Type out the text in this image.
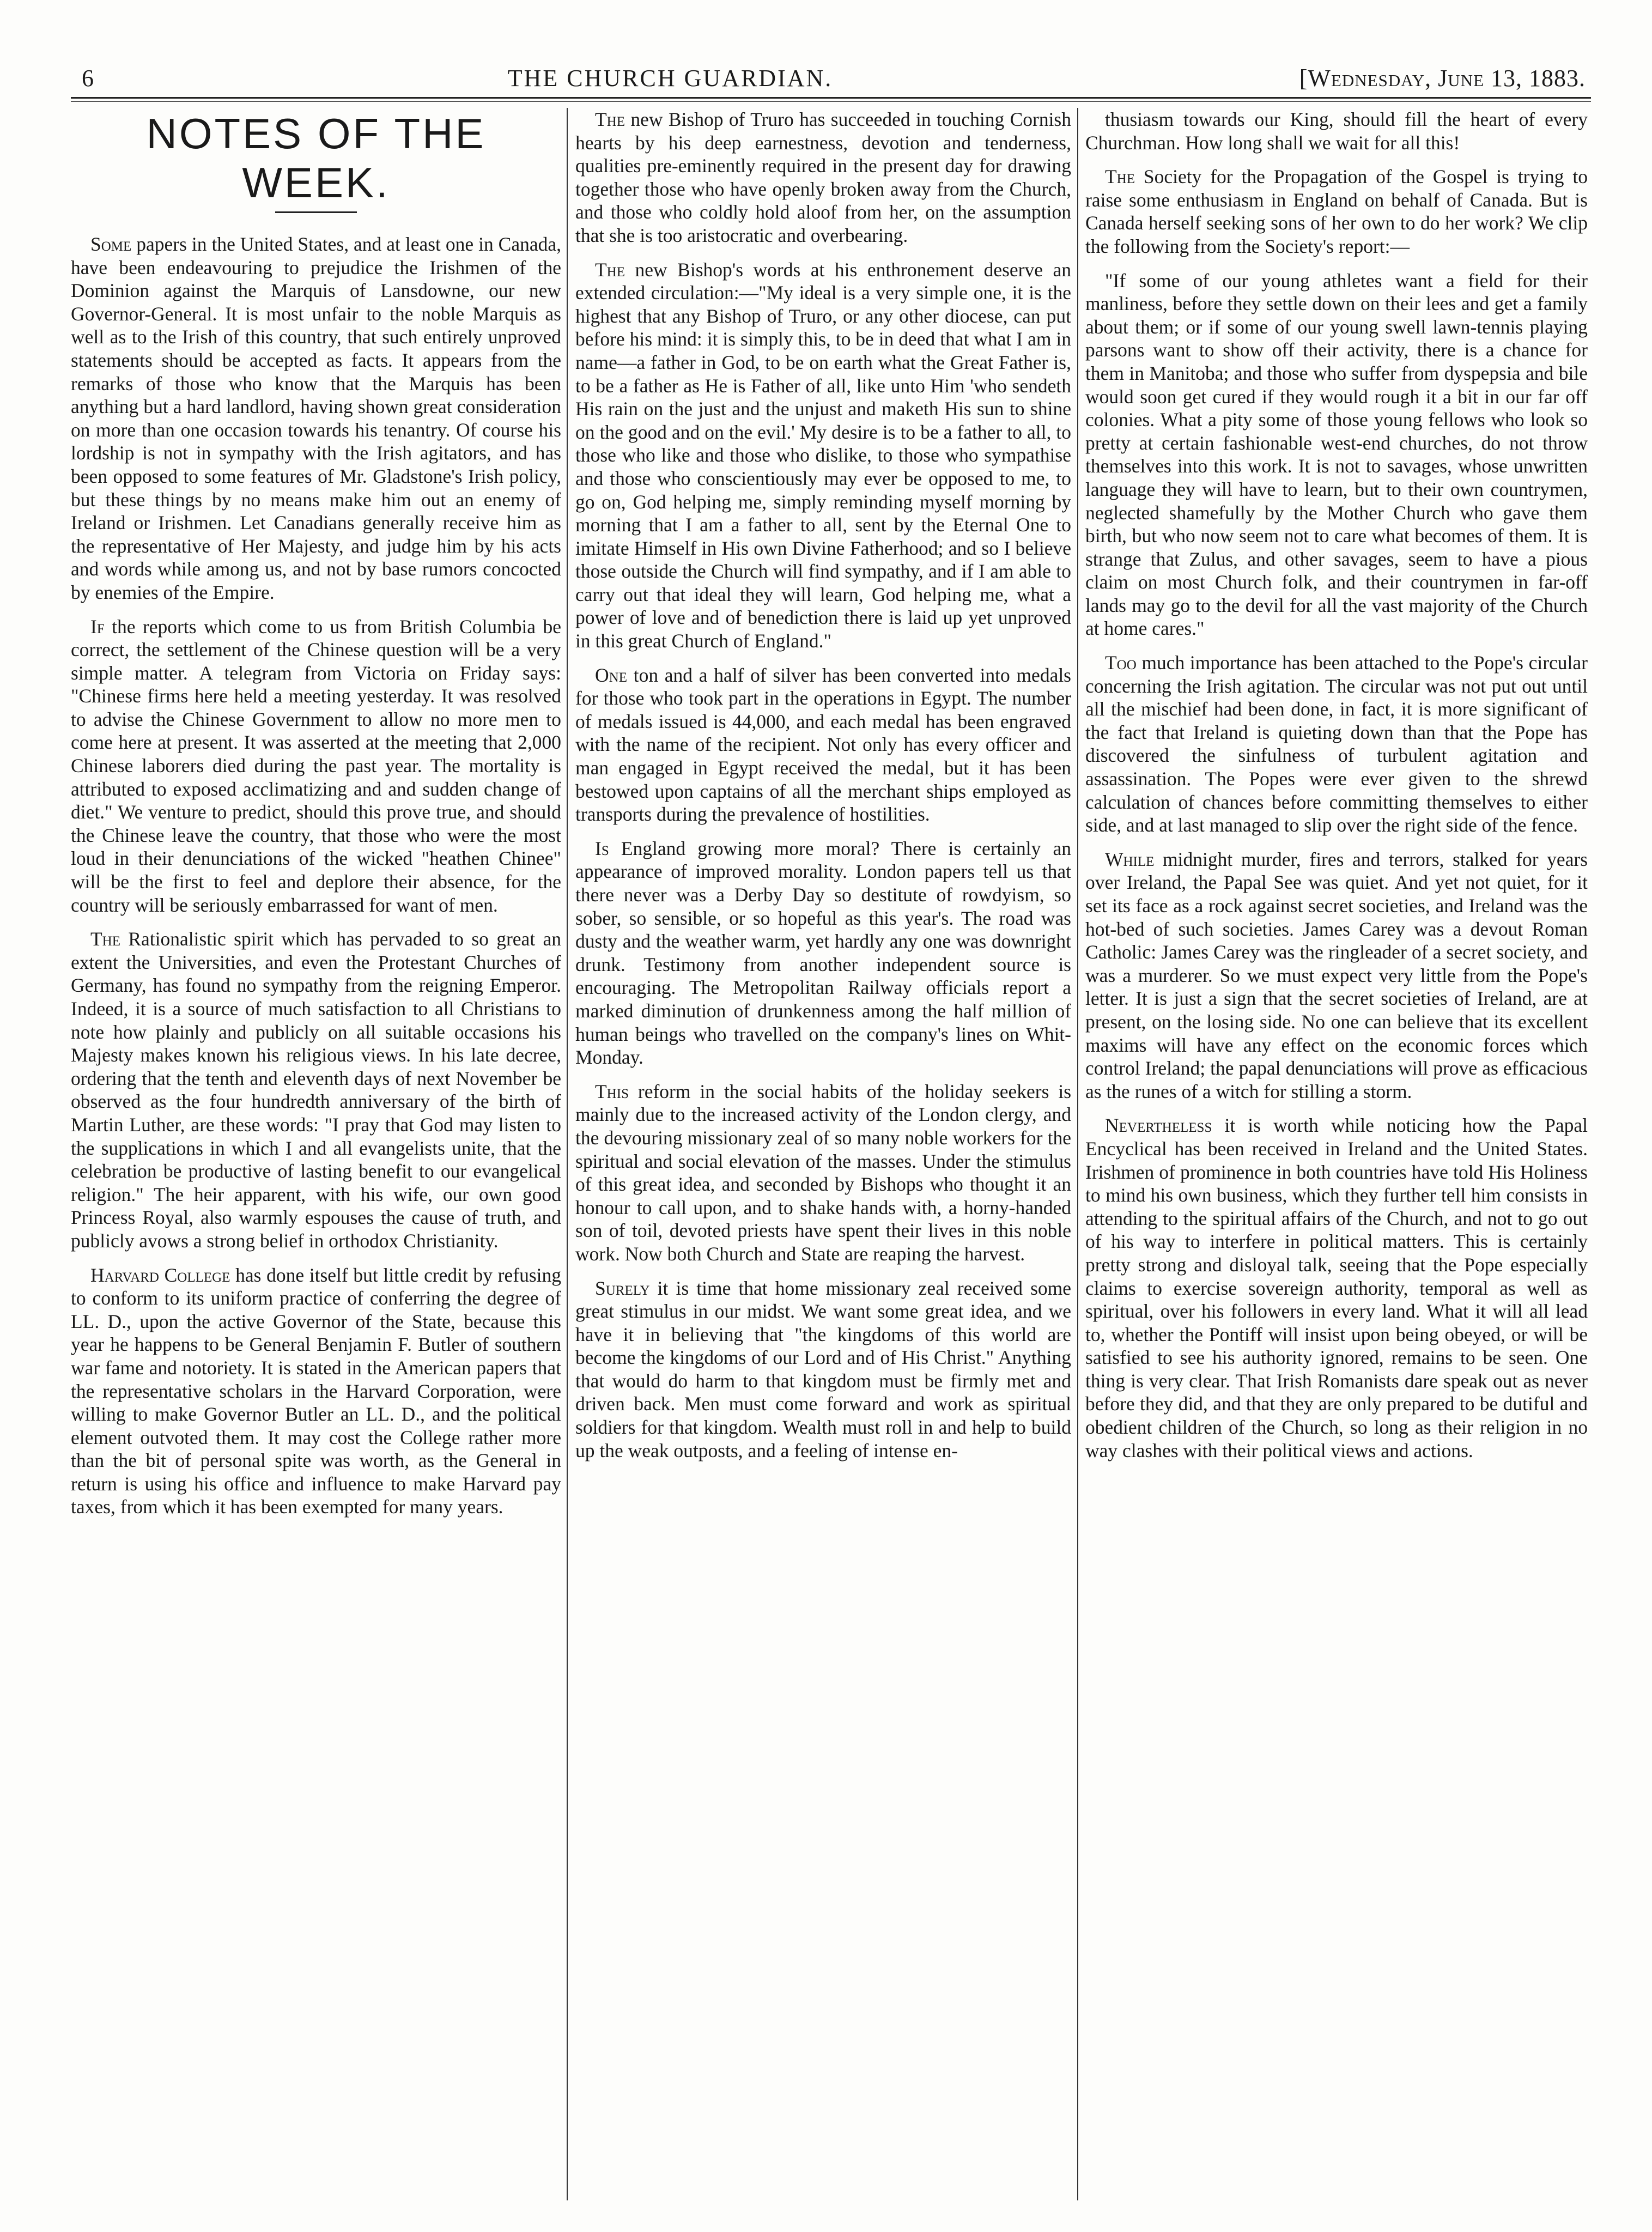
6	THE CHURCH GUARDIAN.	[Wednesday, June 13, 1883.
NOTES OF THE WEEK.

Some papers in the United States, and at least one in Canada, have been endeavouring to prejudice the Irishmen of the Dominion against the Marquis of Lansdowne, our new Governor-General. It is most unfair to the noble Marquis as well as to the Irish of this country, that such entirely unproved statements should be accepted as facts. It appears from the remarks of those who know that the Marquis has been anything but a hard landlord, having shown great consideration on more than one occasion towards his tenantry. Of course his lordship is not in sympathy with the Irish agitators, and has been opposed to some features of Mr. Gladstone's Irish policy, but these things by no means make him out an enemy of Ireland or Irishmen. Let Canadians generally receive him as the representative of Her Majesty, and judge him by his acts and words while among us, and not by base rumors concocted by enemies of the Empire.

If the reports which come to us from British Columbia be correct, the settlement of the Chinese question will be a very simple matter. A telegram from Victoria on Friday says: "Chinese firms here held a meeting yesterday. It was resolved to advise the Chinese Government to allow no more men to come here at present. It was asserted at the meeting that 2,000 Chinese laborers died during the past year. The mortality is attributed to exposed acclimatizing and and sudden change of diet." We venture to predict, should this prove true, and should the Chinese leave the country, that those who were the most loud in their denunciations of the wicked "heathen Chinee" will be the first to feel and deplore their absence, for the country will be seriously embarrassed for want of men.

The Rationalistic spirit which has pervaded to so great an extent the Universities, and even the Protestant Churches of Germany, has found no sympathy from the reigning Emperor. Indeed, it is a source of much satisfaction to all Christians to note how plainly and publicly on all suitable occasions his Majesty makes known his religious views. In his late decree, ordering that the tenth and eleventh days of next November be observed as the four hundredth anniversary of the birth of Martin Luther, are these words: "I pray that God may listen to the supplications in which I and all evangelists unite, that the celebration be productive of lasting benefit to our evangelical religion." The heir apparent, with his wife, our own good Princess Royal, also warmly espouses the cause of truth, and publicly avows a strong belief in orthodox Christianity.

Harvard College has done itself but little credit by refusing to conform to its uniform practice of conferring the degree of LL. D., upon the active Governor of the State, because this year he happens to be General Benjamin F. Butler of southern war fame and notoriety. It is stated in the American papers that the representative scholars in the Harvard Corporation, were willing to make Governor Butler an LL. D., and the political element outvoted them. It may cost the College rather more than the bit of personal spite was worth, as the General in return is using his office and influence to make Harvard pay taxes, from which it has been exempted for many years.

The new Bishop of Truro has succeeded in touching Cornish hearts by his deep earnestness, devotion and tenderness, qualities pre-eminently required in the present day for drawing together those who have openly broken away from the Church, and those who coldly hold aloof from her, on the assumption that she is too aristocratic and overbearing.

The new Bishop's words at his enthronement deserve an extended circulation:—"My ideal is a very simple one, it is the highest that any Bishop of Truro, or any other diocese, can put before his mind: it is simply this, to be in deed that what I am in name—a father in God, to be on earth what the Great Father is, to be a father as He is Father of all, like unto Him 'who sendeth His rain on the just and the unjust and maketh His sun to shine on the good and on the evil.' My desire is to be a father to all, to those who like and those who dislike, to those who sympathise and those who conscientiously may ever be opposed to me, to go on, God helping me, simply reminding myself morning by morning that I am a father to all, sent by the Eternal One to imitate Himself in His own Divine Fatherhood; and so I believe those outside the Church will find sympathy, and if I am able to carry out that ideal they will learn, God helping me, what a power of love and of benediction there is laid up yet unproved in this great Church of England."

One ton and a half of silver has been converted into medals for those who took part in the operations in Egypt. The number of medals issued is 44,000, and each medal has been engraved with the name of the recipient. Not only has every officer and man engaged in Egypt received the medal, but it has been bestowed upon captains of all the merchant ships employed as transports during the prevalence of hostilities.

Is England growing more moral? There is certainly an appearance of improved morality. London papers tell us that there never was a Derby Day so destitute of rowdyism, so sober, so sensible, or so hopeful as this year's. The road was dusty and the weather warm, yet hardly any one was downright drunk. Testimony from another independent source is encouraging. The Metropolitan Railway officials report a marked diminution of drunkenness among the half million of human beings who travelled on the company's lines on Whit-Monday.

This reform in the social habits of the holiday seekers is mainly due to the increased activity of the London clergy, and the devouring missionary zeal of so many noble workers for the spiritual and social elevation of the masses. Under the stimulus of this great idea, and seconded by Bishops who thought it an honour to call upon, and to shake hands with, a horny-handed son of toil, devoted priests have spent their lives in this noble work. Now both Church and State are reaping the harvest.

Surely it is time that home missionary zeal received some great stimulus in our midst. We want some great idea, and we have it in believing that "the kingdoms of this world are become the kingdoms of our Lord and of His Christ." Anything that would do harm to that kingdom must be firmly met and driven back. Men must come forward and work as spiritual soldiers for that kingdom. Wealth must roll in and help to build up the weak outposts, and a feeling of intense en-

thusiasm towards our King, should fill the heart of every Churchman. How long shall we wait for all this!

The Society for the Propagation of the Gospel is trying to raise some enthusiasm in England on behalf of Canada. But is Canada herself seeking sons of her own to do her work? We clip the following from the Society's report:—

"If some of our young athletes want a field for their manliness, before they settle down on their lees and get a family about them; or if some of our young swell lawn-tennis playing parsons want to show off their activity, there is a chance for them in Manitoba; and those who suffer from dyspepsia and bile would soon get cured if they would rough it a bit in our far off colonies. What a pity some of those young fellows who look so pretty at certain fashionable west-end churches, do not throw themselves into this work. It is not to savages, whose unwritten language they will have to learn, but to their own countrymen, neglected shamefully by the Mother Church who gave them birth, but who now seem not to care what becomes of them. It is strange that Zulus, and other savages, seem to have a pious claim on most Church folk, and their countrymen in far-off lands may go to the devil for all the vast majority of the Church at home cares."

Too much importance has been attached to the Pope's circular concerning the Irish agitation. The circular was not put out until all the mischief had been done, in fact, it is more significant of the fact that Ireland is quieting down than that the Pope has discovered the sinfulness of turbulent agitation and assassination. The Popes were ever given to the shrewd calculation of chances before committing themselves to either side, and at last managed to slip over the right side of the fence.

While midnight murder, fires and terrors, stalked for years over Ireland, the Papal See was quiet. And yet not quiet, for it set its face as a rock against secret societies, and Ireland was the hot-bed of such societies. James Carey was a devout Roman Catholic: James Carey was the ringleader of a secret society, and was a murderer. So we must expect very little from the Pope's letter. It is just a sign that the secret societies of Ireland, are at present, on the losing side. No one can believe that its excellent maxims will have any effect on the economic forces which control Ireland; the papal denunciations will prove as efficacious as the runes of a witch for stilling a storm.

Nevertheless it is worth while noticing how the Papal Encyclical has been received in Ireland and the United States. Irishmen of prominence in both countries have told His Holiness to mind his own business, which they further tell him consists in attending to the spiritual affairs of the Church, and not to go out of his way to interfere in political matters. This is certainly pretty strong and disloyal talk, seeing that the Pope especially claims to exercise sovereign authority, temporal as well as spiritual, over his followers in every land. What it will all lead to, whether the Pontiff will insist upon being obeyed, or will be satisfied to see his authority ignored, remains to be seen. One thing is very clear. That Irish Romanists dare speak out as never before they did, and that they are only prepared to be dutiful and obedient children of the Church, so long as their religion in no way clashes with their political views and actions.
